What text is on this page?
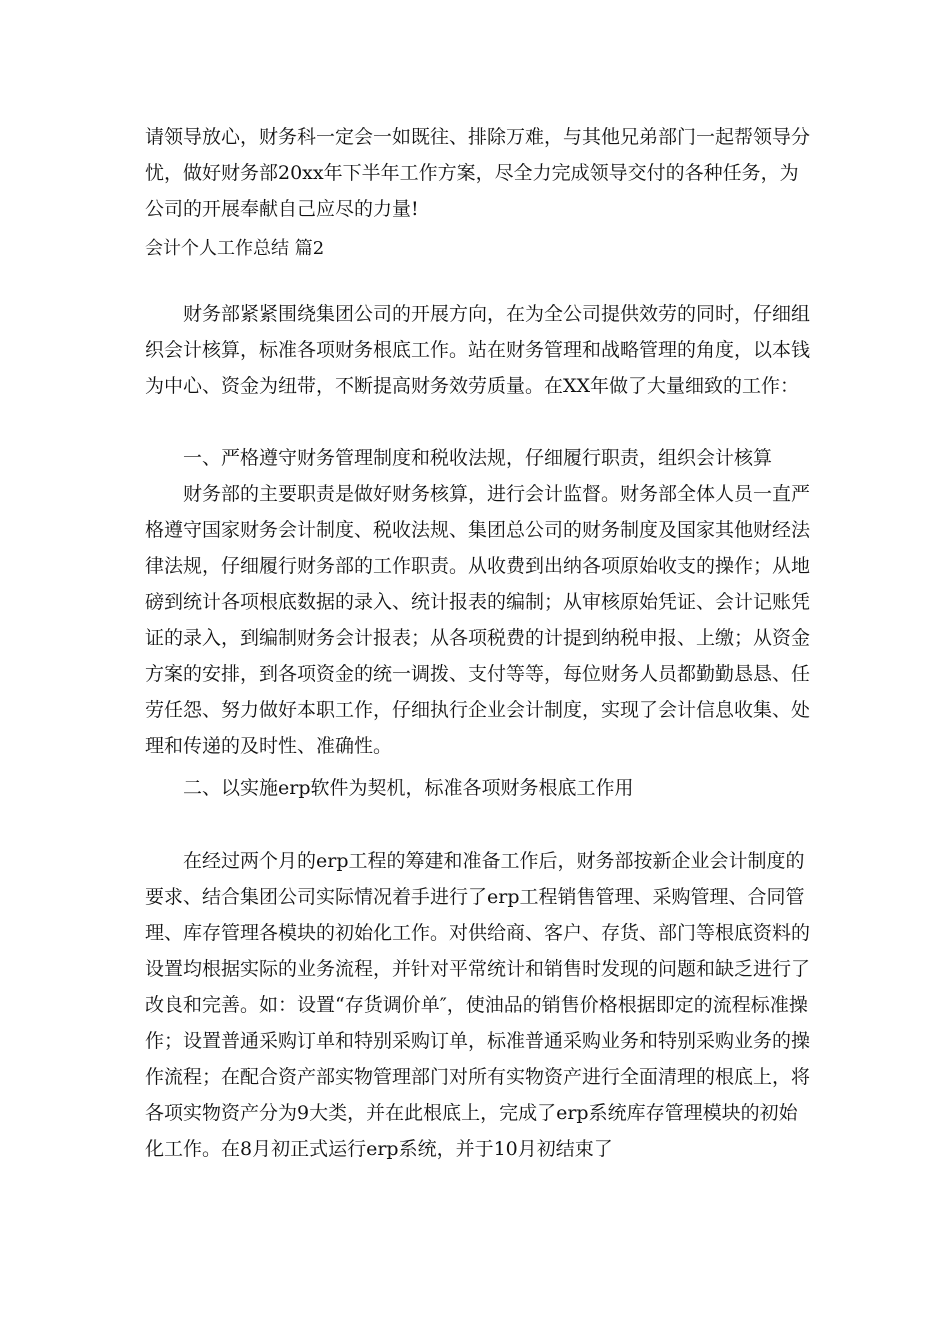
请领导放心，财务科一定会一如既往、排除万难，与其他兄弟部门一起帮领导分忧，做好财务部20xx年下半年工作方案，尽全力完成领导交付的各种任务，为公司的开展奉献自己应尽的力量!

会计个人工作总结 篇2

财务部紧紧围绕集团公司的开展方向，在为全公司提供效劳的同时，仔细组织会计核算，标准各项财务根底工作。站在财务管理和战略管理的角度，以本钱为中心、资金为纽带，不断提高财务效劳质量。在XX年做了大量细致的工作：

一、严格遵守财务管理制度和税收法规，仔细履行职责，组织会计核算

财务部的主要职责是做好财务核算，进行会计监督。财务部全体人员一直严格遵守国家财务会计制度、税收法规、集团总公司的财务制度及国家其他财经法律法规，仔细履行财务部的工作职责。从收费到出纳各项原始收支的操作；从地磅到统计各项根底数据的录入、统计报表的编制；从审核原始凭证、会计记账凭证的录入，到编制财务会计报表；从各项税费的计提到纳税申报、上缴；从资金方案的安排，到各项资金的统一调拨、支付等等，每位财务人员都勤勤恳恳、任劳任怨、努力做好本职工作，仔细执行企业会计制度，实现了会计信息收集、处理和传递的及时性、准确性。

二、以实施erp软件为契机，标准各项财务根底工作用

在经过两个月的erp工程的筹建和准备工作后，财务部按新企业会计制度的要求、结合集团公司实际情况着手进行了erp工程销售管理、采购管理、合同管理、库存管理各模块的初始化工作。对供给商、客户、存货、部门等根底资料的设置均根据实际的业务流程，并针对平常统计和销售时发现的问题和缺乏进行了改良和完善。如：设置“存货调价单″，使油品的销售价格根据即定的流程标准操作；设置普通采购订单和特别采购订单，标准普通采购业务和特别采购业务的操作流程；在配合资产部实物管理部门对所有实物资产进行全面清理的根底上，将各项实物资产分为9大类，并在此根底上，完成了erp系统库存管理模块的初始化工作。在8月初正式运行erp系统，并于10月初结束了
